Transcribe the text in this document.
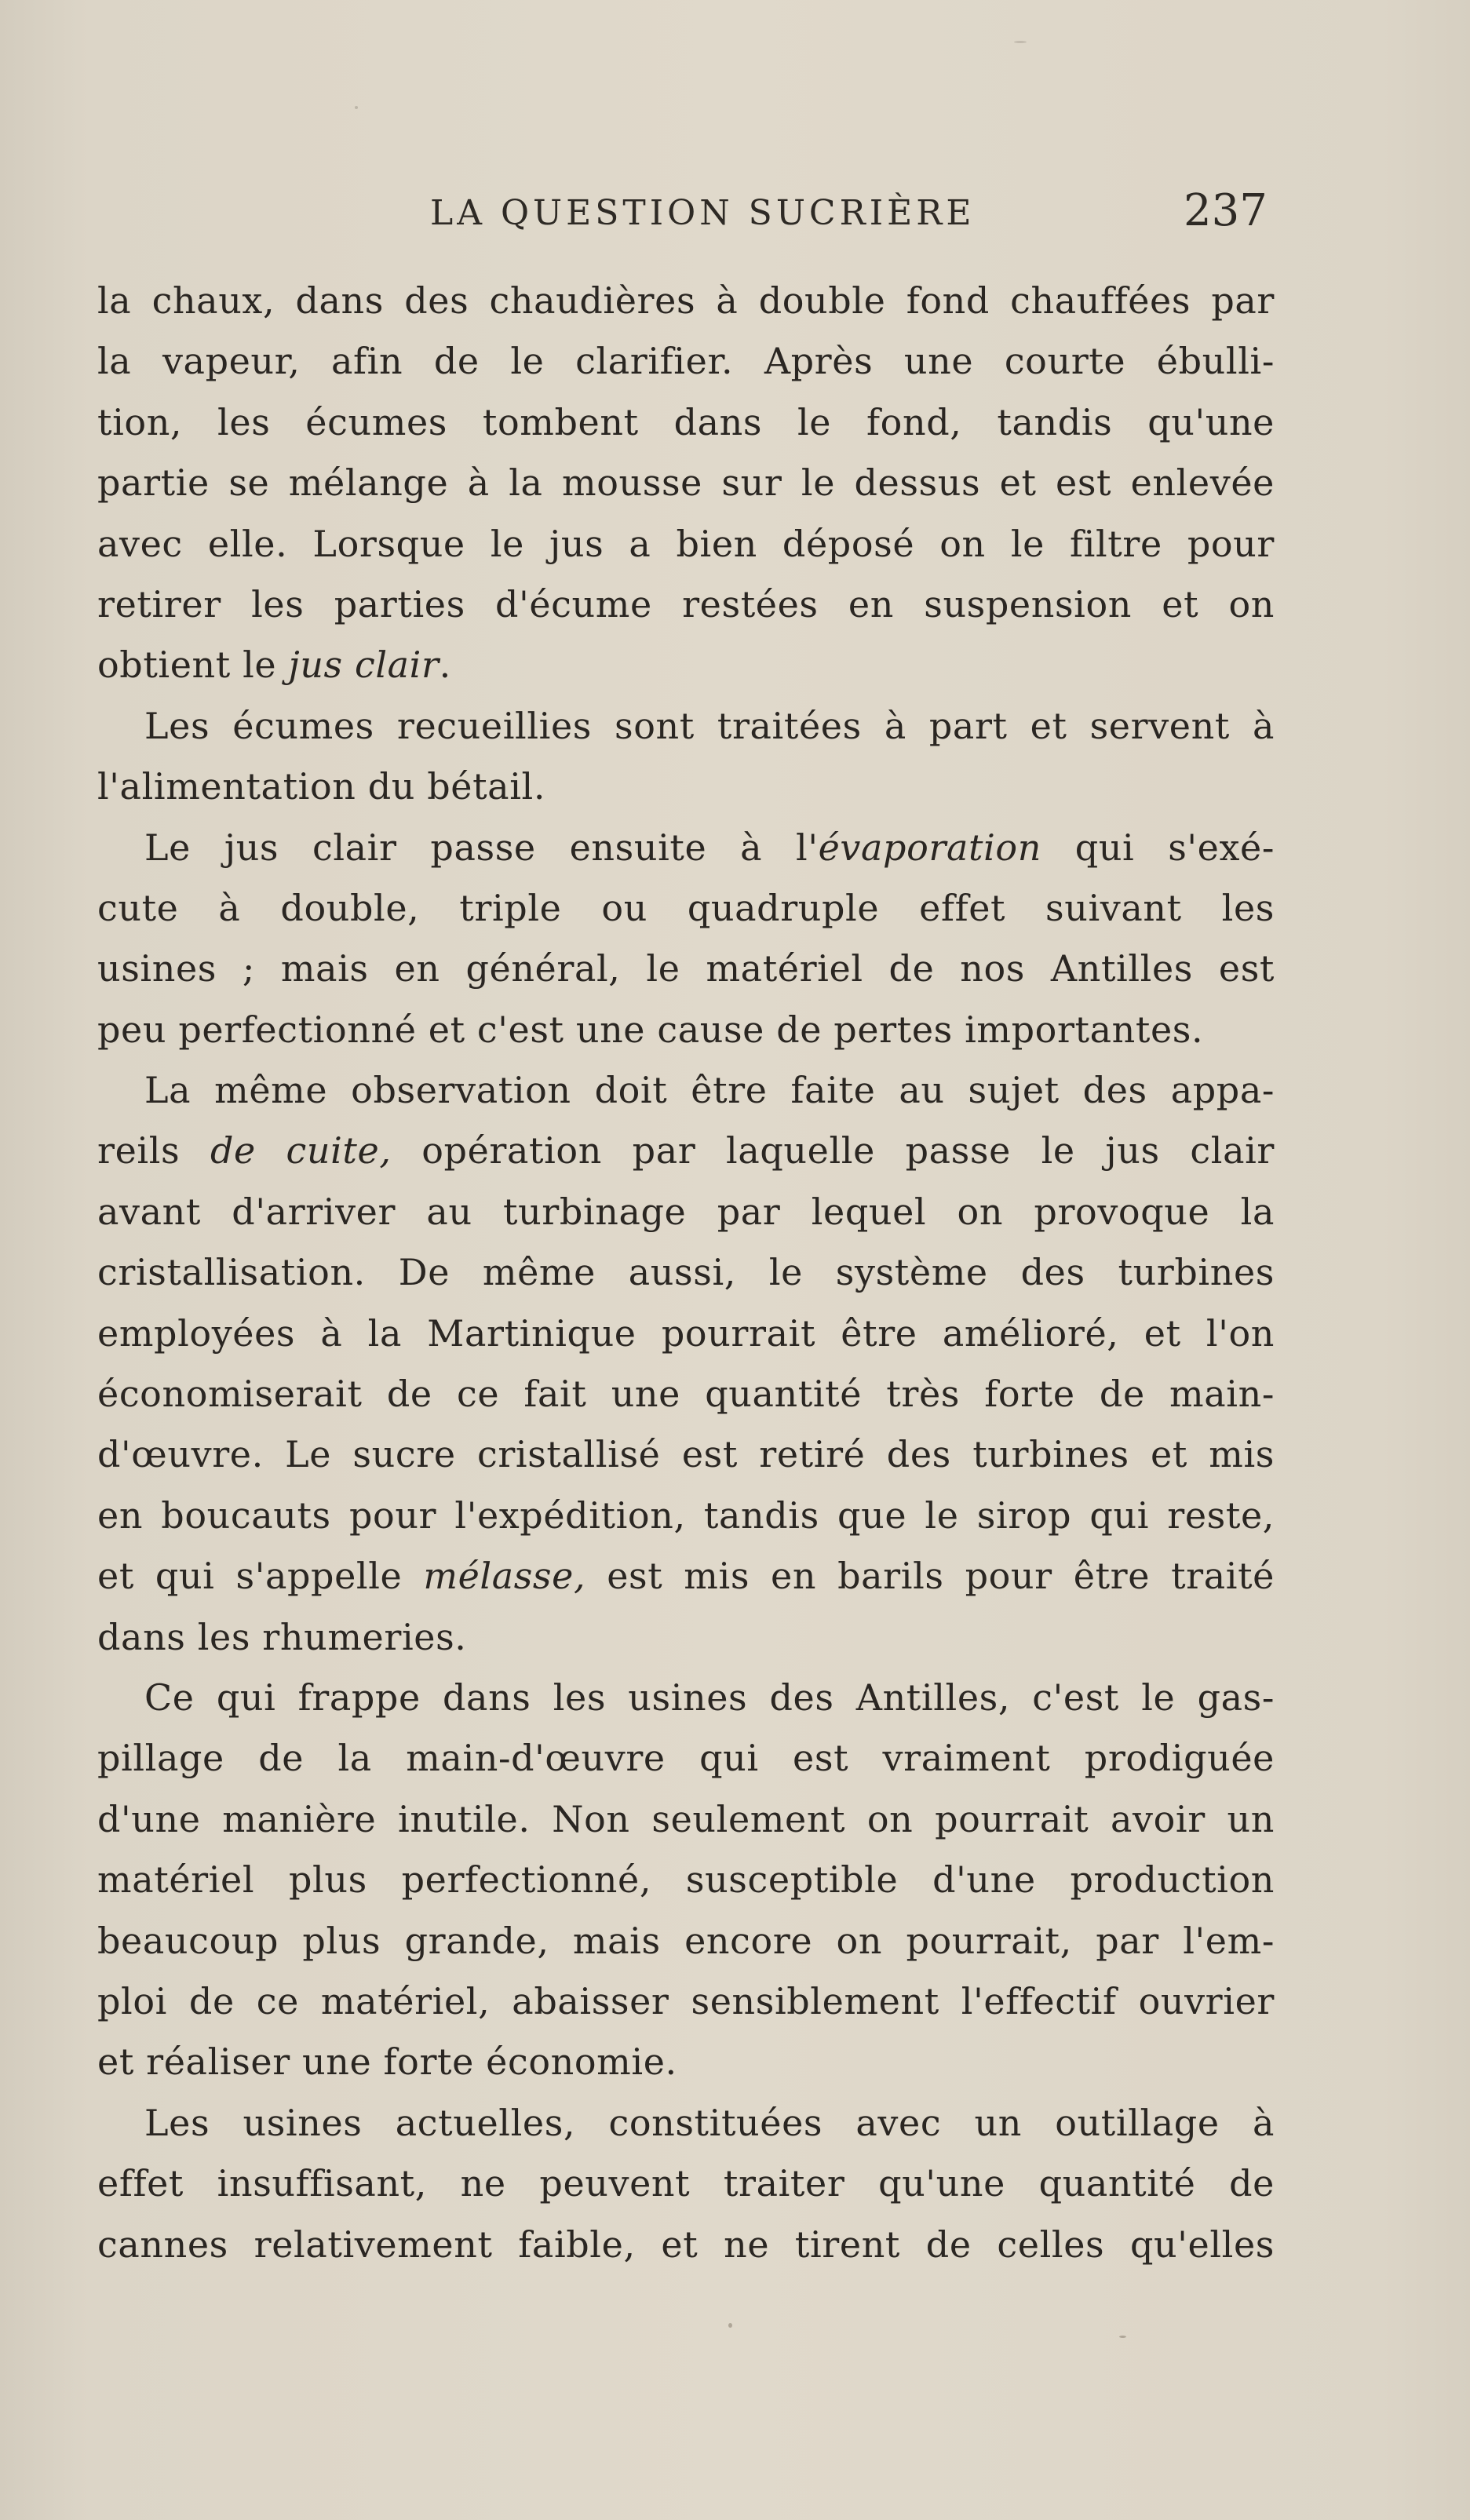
LA QUESTION SUCRIÈRE	237
la chaux, dans des chaudières à double fond chauffées par
la vapeur, afin de le clarifier. Après une courte ébulli-
tion, les écumes tombent dans le fond, tandis qu'une
partie se mélange à la mousse sur le dessus et est enlevée
avec elle. Lorsque le jus a bien déposé on le filtre pour
retirer les parties d'écume restées en suspension et on
obtient le jus clair.
Les écumes recueillies sont traitées à part et servent à
l'alimentation du bétail.
Le jus clair passe ensuite à l'évaporation qui s'exé-
cute à double, triple ou quadruple effet suivant les
usines ; mais en général, le matériel de nos Antilles est
peu perfectionné et c'est une cause de pertes importantes.
La même observation doit être faite au sujet des appa-
reils de cuite, opération par laquelle passe le jus clair
avant d'arriver au turbinage par lequel on provoque la
cristallisation. De même aussi, le système des turbines
employées à la Martinique pourrait être amélioré, et l'on
économiserait de ce fait une quantité très forte de main-
d'œuvre. Le sucre cristallisé est retiré des turbines et mis
en boucauts pour l'expédition, tandis que le sirop qui reste,
et qui s'appelle mélasse, est mis en barils pour être traité
dans les rhumeries.
Ce qui frappe dans les usines des Antilles, c'est le gas-
pillage de la main-d'œuvre qui est vraiment prodiguée
d'une manière inutile. Non seulement on pourrait avoir un
matériel plus perfectionné, susceptible d'une production
beaucoup plus grande, mais encore on pourrait, par l'em-
ploi de ce matériel, abaisser sensiblement l'effectif ouvrier
et réaliser une forte économie.
Les usines actuelles, constituées avec un outillage à
effet insuffisant, ne peuvent traiter qu'une quantité de
cannes relativement faible, et ne tirent de celles qu'elles
